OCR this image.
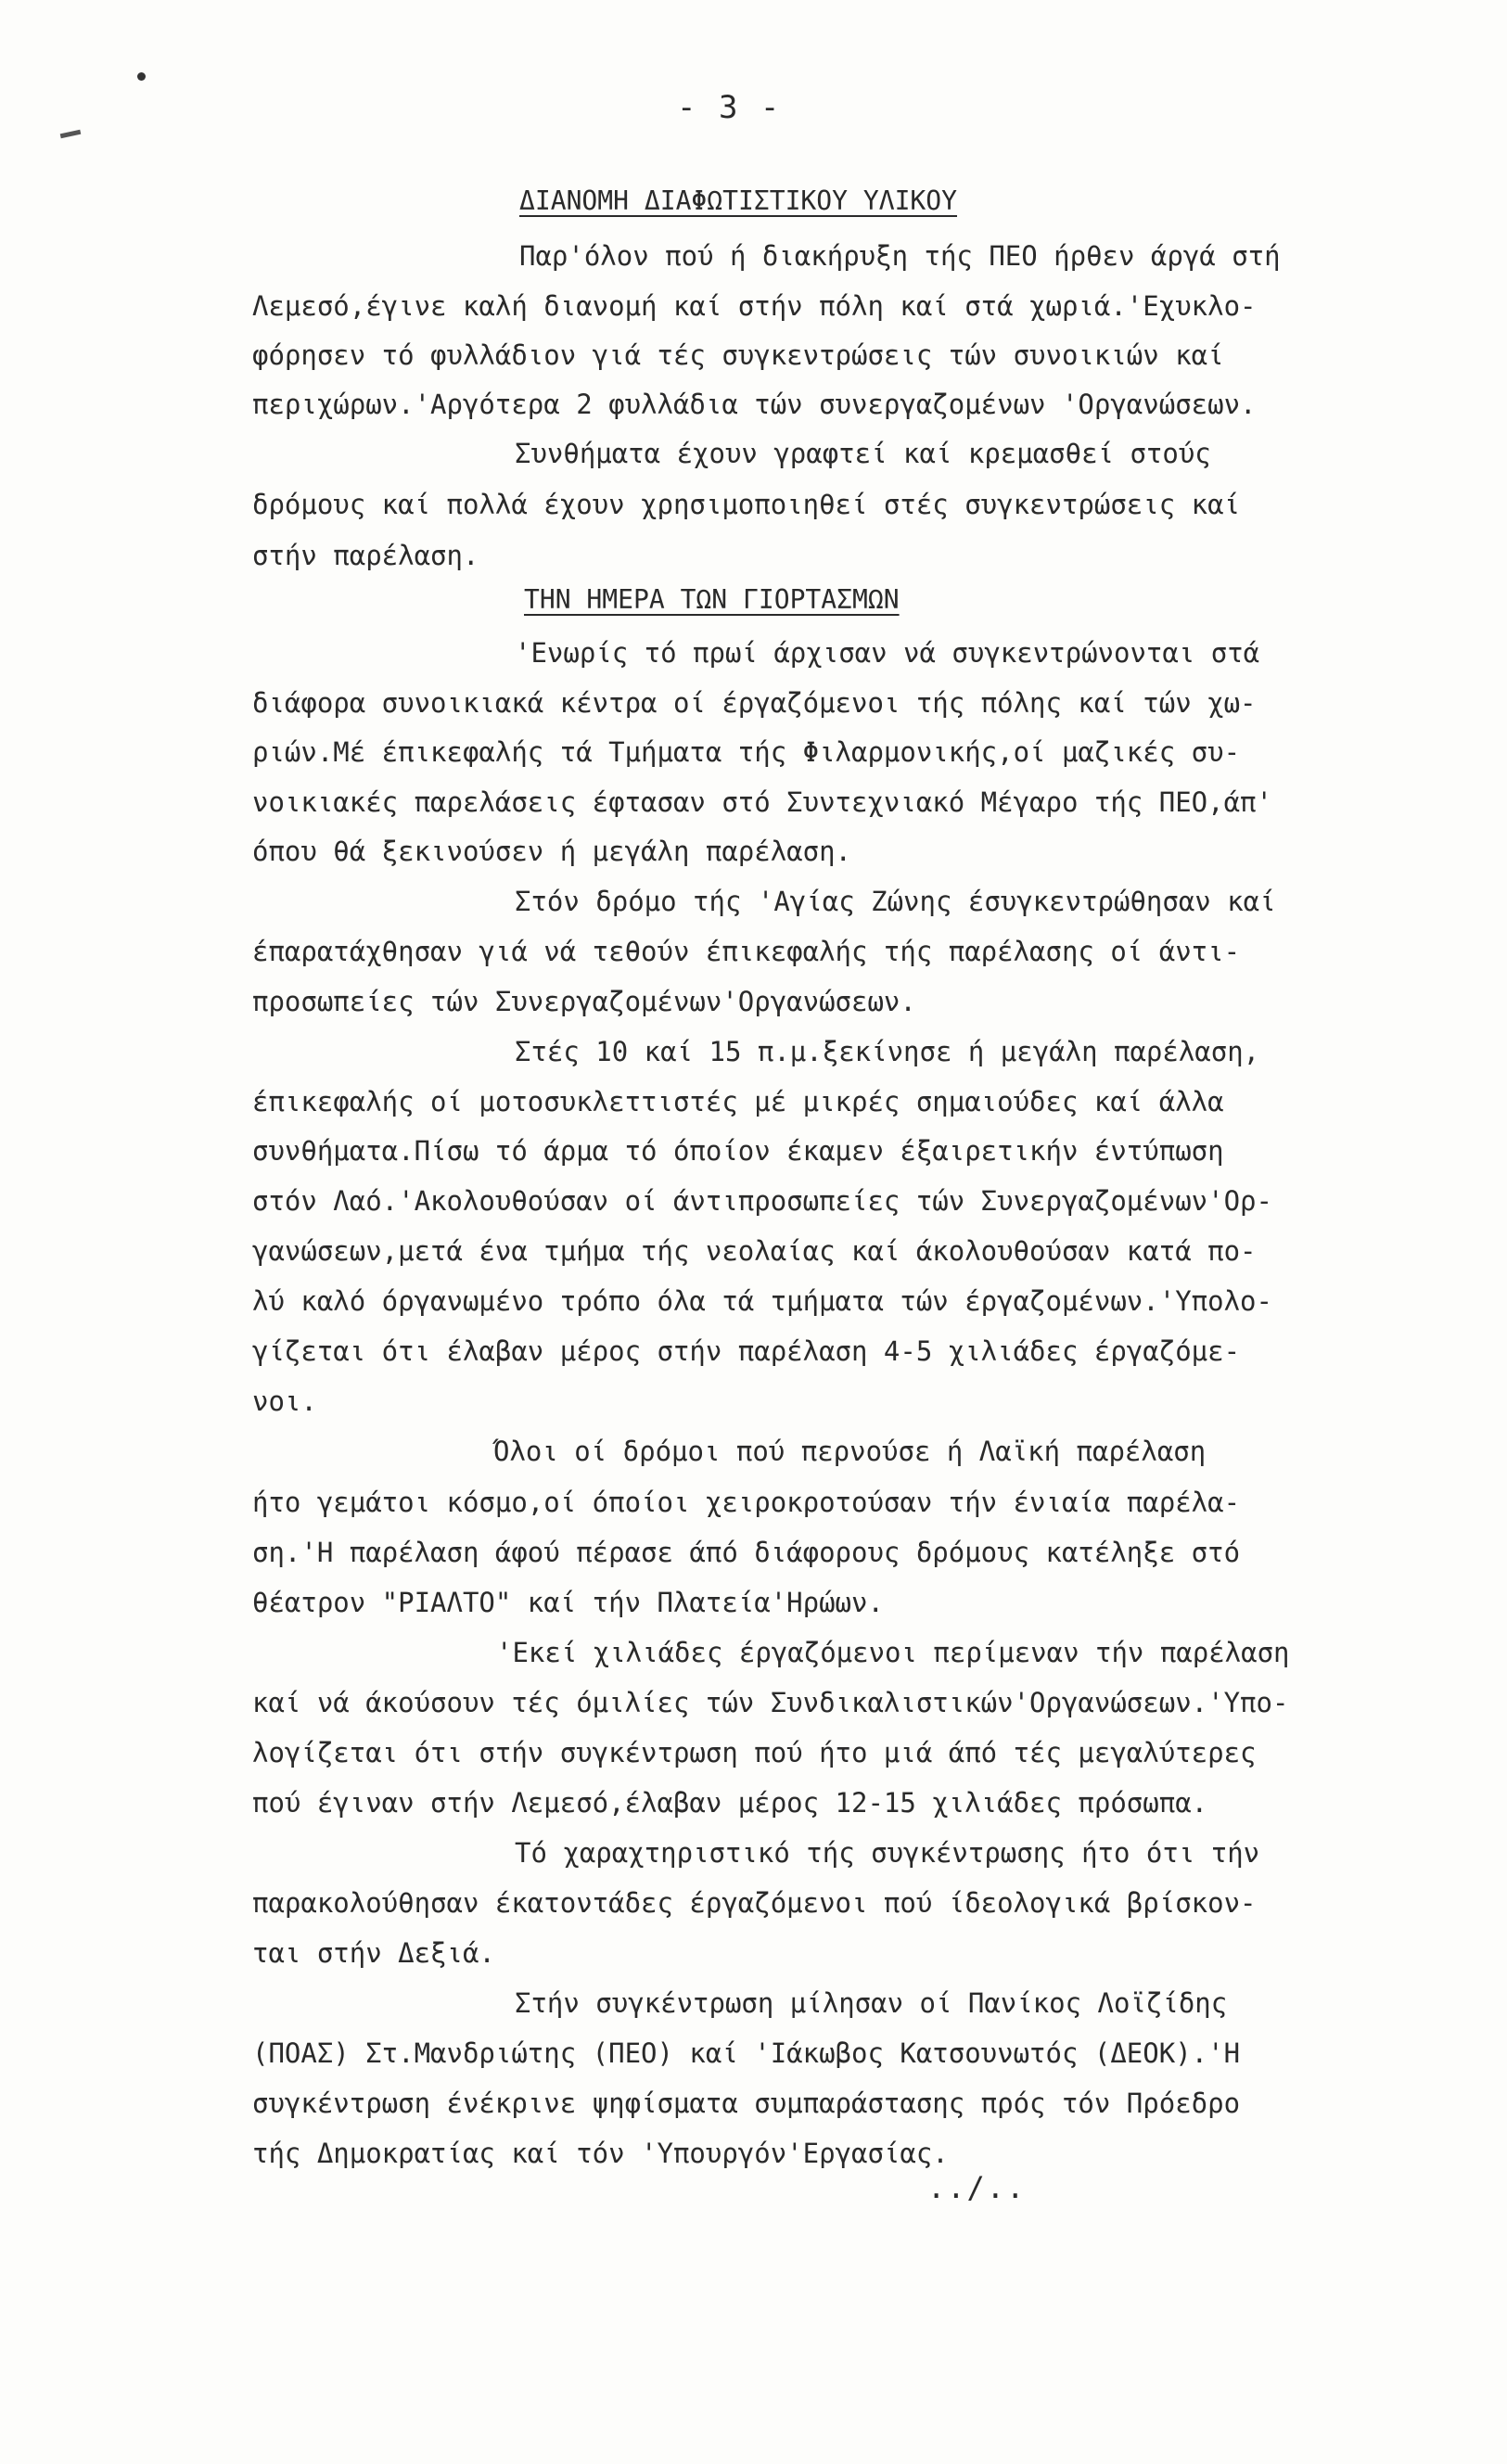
- 3 -
ΔΙΑΝΟΜΗ ΔΙΑΦΩΤΙΣΤΙΚΟΥ ΥΛΙΚΟΥ
Παρ'όλον πού ή διακήρυξη τής ΠΕΟ ήρθεν άργά στή
Λεμεσό,έγινε καλή διανομή καί στήν πόλη καί στά χωριά.'Εχυκλο-
φόρησεν τό φυλλάδιον γιά τές συγκεντρώσεις τών συνοικιών καί
περιχώρων.'Αργότερα 2 φυλλάδια τών συνεργαζομένων 'Οργανώσεων.
Συνθήματα έχουν γραφτεί καί κρεμασθεί στούς
δρόμους καί πολλά έχουν χρησιμοποιηθεί στές συγκεντρώσεις καί
στήν παρέλαση.
ΤΗΝ ΗΜΕΡΑ ΤΩΝ ΓΙΟΡΤΑΣΜΩΝ
'Ενωρίς τό πρωί άρχισαν νά συγκεντρώνονται στά
διάφορα συνοικιακά κέντρα οί έργαζόμενοι τής πόλης καί τών χω-
ριών.Μέ έπικεφαλής τά Τμήματα τής Φιλαρμονικής,οί μαζικές συ-
νοικιακές παρελάσεις έφτασαν στό Συντεχνιακό Μέγαρο τής ΠΕΟ,άπ'
όπου θά ξεκινούσεν ή μεγάλη παρέλαση.
Στόν δρόμο τής 'Αγίας Ζώνης έσυγκεντρώθησαν καί
έπαρατάχθησαν γιά νά τεθούν έπικεφαλής τής παρέλασης οί άντι-
προσωπείες τών Συνεργαζομένων'Οργανώσεων.
Στές 10 καί 15 π.μ.ξεκίνησε ή μεγάλη παρέλαση,
έπικεφαλής οί μοτοσυκλεττιστές μέ μικρές σημαιούδες καί άλλα
συνθήματα.Πίσω τό άρμα τό όποίον έκαμεν έξαιρετικήν έντύπωση
στόν Λαό.'Ακολουθούσαν οί άντιπροσωπείες τών Συνεργαζομένων'Ορ-
γανώσεων,μετά ένα τμήμα τής νεολαίας καί άκολουθούσαν κατά πο-
λύ καλό όργανωμένο τρόπο όλα τά τμήματα τών έργαζομένων.'Υπολο-
γίζεται ότι έλαβαν μέρος στήν παρέλαση 4-5 χιλιάδες έργαζόμε-
νοι.
Όλοι οί δρόμοι πού περνούσε ή Λαϊκή παρέλαση
ήτο γεμάτοι κόσμο,οί όποίοι χειροκροτούσαν τήν ένιαία παρέλα-
ση.'Η παρέλαση άφού πέρασε άπό διάφορους δρόμους κατέληξε στό
θέατρον "ΡΙΑΛΤΟ" καί τήν Πλατεία'Ηρώων.
'Εκεί χιλιάδες έργαζόμενοι περίμεναν τήν παρέλαση
καί νά άκούσουν τές όμιλίες τών Συνδικαλιστικών'Οργανώσεων.'Υπο-
λογίζεται ότι στήν συγκέντρωση πού ήτο μιά άπό τές μεγαλύτερες
πού έγιναν στήν Λεμεσό,έλαβαν μέρος 12-15 χιλιάδες πρόσωπα.
Τό χαραχτηριστικό τής συγκέντρωσης ήτο ότι τήν
παρακολούθησαν έκατοντάδες έργαζόμενοι πού ίδεολογικά βρίσκον-
ται στήν Δεξιά.
Στήν συγκέντρωση μίλησαν οί Πανίκος Λοϊζίδης
(ΠΟΑΣ) Στ.Μανδριώτης (ΠΕΟ) καί 'Ιάκωβος Κατσουνωτός (ΔΕΟΚ).'Η
συγκέντρωση ένέκρινε ψηφίσματα συμπαράστασης πρός τόν Πρόεδρο
τής Δημοκρατίας καί τόν 'Υπουργόν'Εργασίας.
../..
